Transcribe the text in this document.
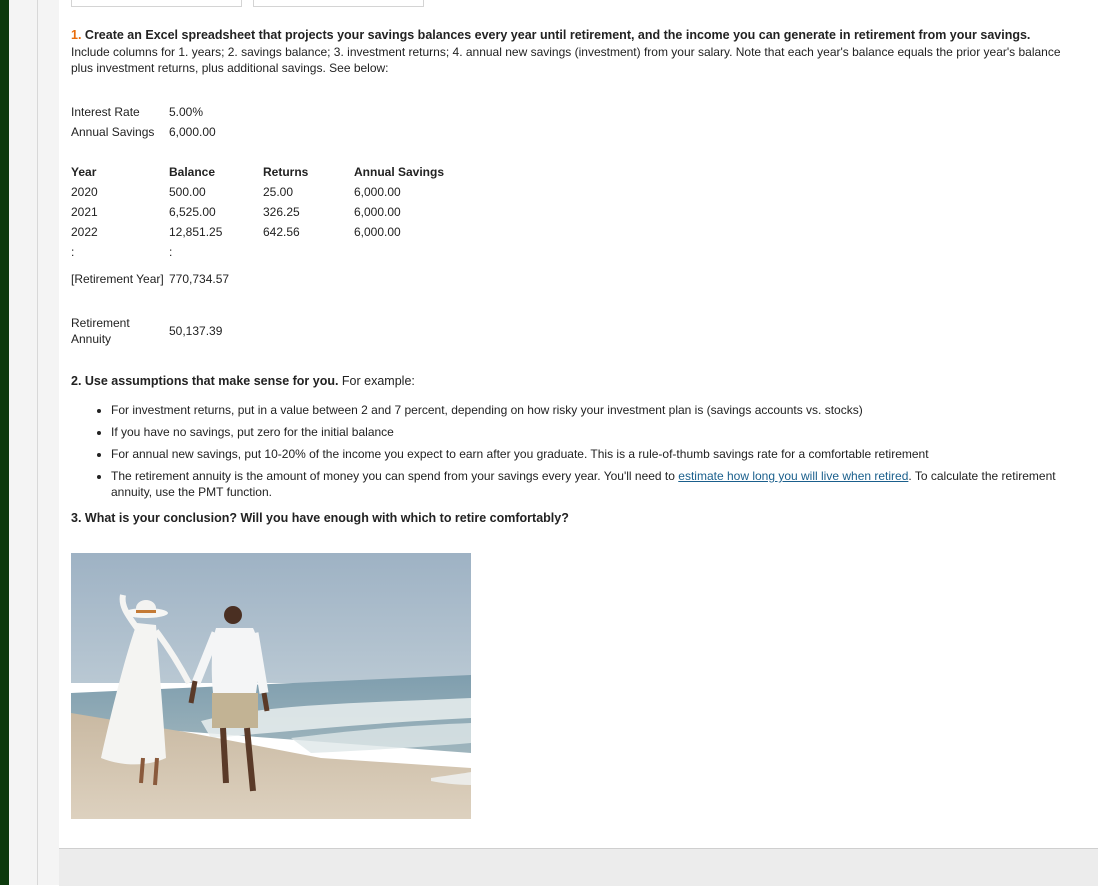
1. Create an Excel spreadsheet that projects your savings balances every year until retirement, and the income you can generate in retirement from your savings.

Include columns for 1. years; 2. savings balance; 3. investment returns; 4. annual new savings (investment) from your salary. Note that each year's balance equals the prior year's balance plus investment returns, plus additional savings. See below:

Interest Rate	5.00%
Annual Savings	6,000.00
Year	Balance	Returns	Annual Savings
2020	500.00	25.00	6,000.00
2021	6,525.00	326.25	6,000.00
2022	12,851.25	642.56	6,000.00
:	:		
[Retirement Year]	770,734.57		

Retirement Annuity	50,137.39		

2. Use assumptions that make sense for you. For example:

• For investment returns, put in a value between 2 and 7 percent, depending on how risky your investment plan is (savings accounts vs. stocks)
• If you have no savings, put zero for the initial balance
• For annual new savings, put 10-20% of the income you expect to earn after you graduate. This is a rule-of-thumb savings rate for a comfortable retirement
• The retirement annuity is the amount of money you can spend from your savings every year. You'll need to estimate how long you will live when retired. To calculate the retirement annuity, use the PMT function.

3. What is your conclusion? Will you have enough with which to retire comfortably?
